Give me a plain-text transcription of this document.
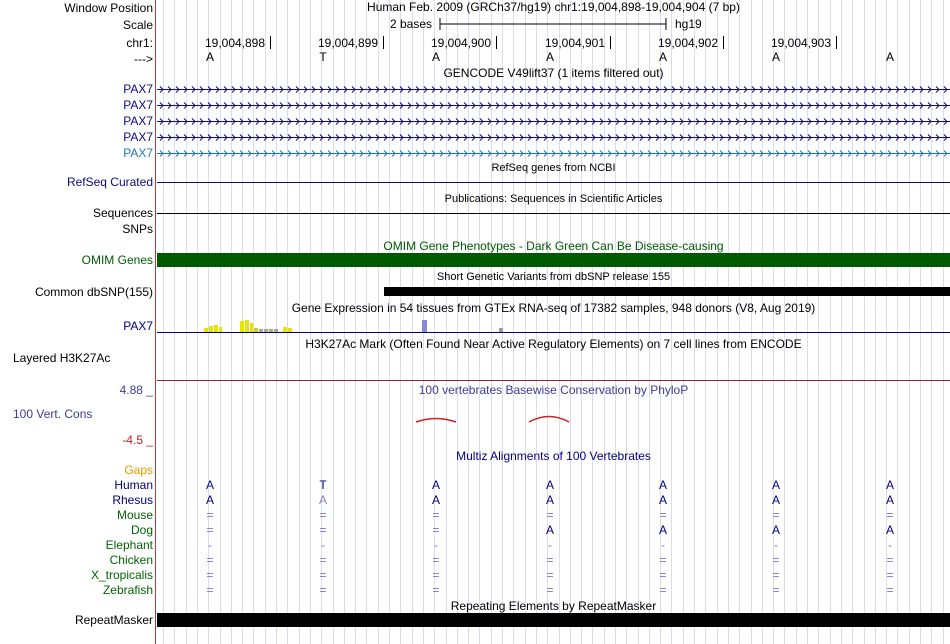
Window Position
Scale
chr1:
--->
Human Feb. 2009 (GRCh37/hg19) chr1:19,004,898-19,004,904 (7 bp)
2 bases	hg19
19,004,898	19,004,899	19,004,900	19,004,901	19,004,902	19,004,903
A	T	A	A	A	A	A
GENCODE V49lift37 (1 items filtered out)
PAX7
PAX7
PAX7
PAX7
PAX7
RefSeq genes from NCBI
RefSeq Curated
Publications: Sequences in Scientific Articles
Sequences
SNPs
OMIM Gene Phenotypes - Dark Green Can Be Disease-causing
OMIM Genes
Short Genetic Variants from dbSNP release 155
Common dbSNP(155)
Gene Expression in 54 tissues from GTEx RNA-seq of 17382 samples, 948 donors (V8, Aug 2019)
PAX7
H3K27Ac Mark (Often Found Near Active Regulatory Elements) on 7 cell lines from ENCODE
Layered H3K27Ac
100 vertebrates Basewise Conservation by PhyloP
4.88 _
100 Vert. Cons
-4.5 _
Multiz Alignments of 100 Vertebrates
Gaps
Human	A	T	A	A	A	A	A
Rhesus	A	A	A	A	A	A	A
Mouse	=	=	=	=	=	=	=
Dog	=	=	=	A	A	A	A
Elephant	-	-	-	-	-	-	-
Chicken	=	=	=	=	=	=	=
X_tropicalis	=	=	=	=	=	=	=
Zebrafish	=	=	=	=	=	=	=
Repeating Elements by RepeatMasker
RepeatMasker
